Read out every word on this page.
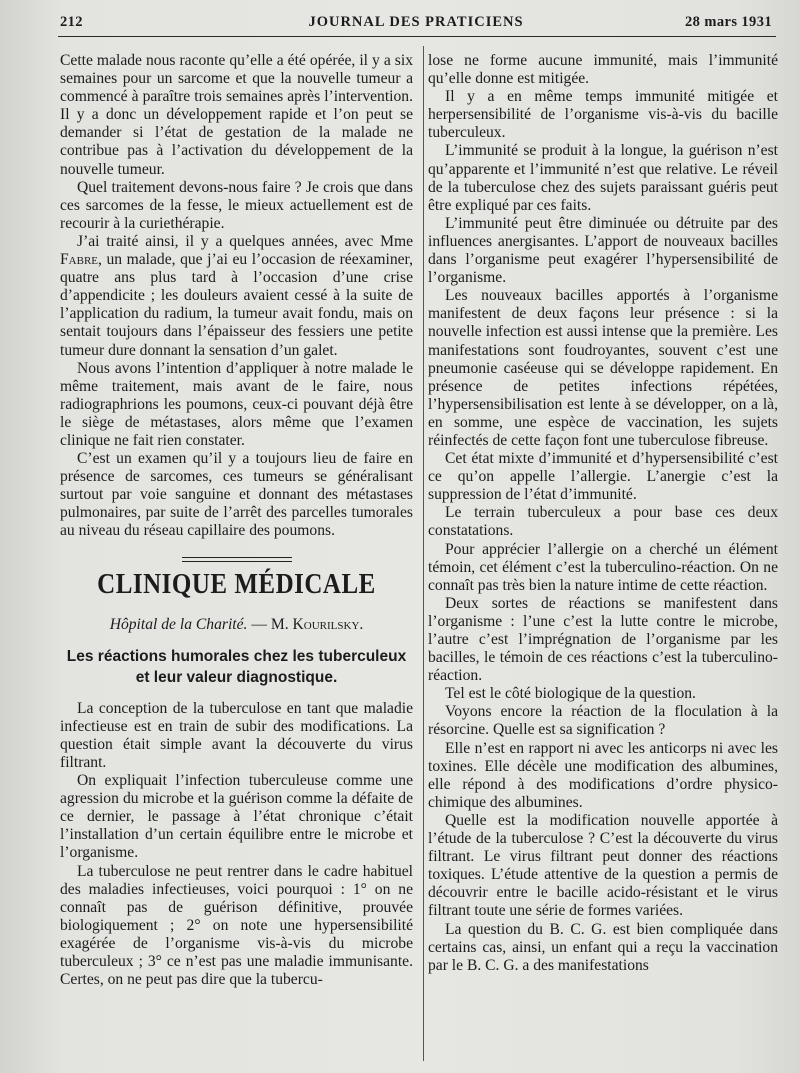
212	JOURNAL DES PRATICIENS	28 mars 1931

Cette malade nous raconte qu’elle a été opérée, il y a six semaines pour un sarcome et que la nouvelle tumeur a commencé à paraître trois semaines après l’intervention. Il y a donc un développement rapide et l’on peut se demander si l’état de gestation de la malade ne contribue pas à l’activation du développement de la nouvelle tumeur.

Quel traitement devons-nous faire ? Je crois que dans ces sarcomes de la fesse, le mieux actuellement est de recourir à la curiethérapie.

J’ai traité ainsi, il y a quelques années, avec Mme Fabre, un malade, que j’ai eu l’occasion de réexaminer, quatre ans plus tard à l’occasion d’une crise d’appendicite ; les douleurs avaient cessé à la suite de l’application du radium, la tumeur avait fondu, mais on sentait toujours dans l’épaisseur des fessiers une petite tumeur dure donnant la sensation d’un galet.

Nous avons l’intention d’appliquer à notre malade le même traitement, mais avant de le faire, nous radiographrions les poumons, ceux-ci pouvant déjà être le siège de métastases, alors même que l’examen clinique ne fait rien constater.

C’est un examen qu’il y a toujours lieu de faire en présence de sarcomes, ces tumeurs se généralisant surtout par voie sanguine et donnant des métastases pulmonaires, par suite de l’arrêt des parcelles tumorales au niveau du réseau capillaire des poumons.

CLINIQUE MÉDICALE
Hôpital de la Charité. — M. Kourilsky.
Les réactions humorales chez les tuberculeux et leur valeur diagnostique.

La conception de la tuberculose en tant que maladie infectieuse est en train de subir des modifications. La question était simple avant la découverte du virus filtrant.

On expliquait l’infection tuberculeuse comme une agression du microbe et la guérison comme la défaite de ce dernier, le passage à l’état chronique c’était l’installation d’un certain équilibre entre le microbe et l’organisme.

La tuberculose ne peut rentrer dans le cadre habituel des maladies infectieuses, voici pourquoi : 1° on ne connaît pas de guérison définitive, prouvée biologiquement ; 2° on note une hypersensibilité exagérée de l’organisme vis-à-vis du microbe tuberculeux ; 3° ce n’est pas une maladie immunisante. Certes, on ne peut pas dire que la tubercu-

lose ne forme aucune immunité, mais l’immunité qu’elle donne est mitigée.

Il y a en même temps immunité mitigée et herpersensibilité de l’organisme vis-à-vis du bacille tuberculeux.

L’immunité se produit à la longue, la guérison n’est qu’apparente et l’immunité n’est que relative. Le réveil de la tuberculose chez des sujets paraissant guéris peut être expliqué par ces faits.

L’immunité peut être diminuée ou détruite par des influences anergisantes. L’apport de nouveaux bacilles dans l’organisme peut exagérer l’hypersensibilité de l’organisme.

Les nouveaux bacilles apportés à l’organisme manifestent de deux façons leur présence : si la nouvelle infection est aussi intense que la première. Les manifestations sont foudroyantes, souvent c’est une pneumonie caséeuse qui se développe rapidement. En présence de petites infections répétées, l’hypersensibilisation est lente à se développer, on a là, en somme, une espèce de vaccination, les sujets réinfectés de cette façon font une tuberculose fibreuse.

Cet état mixte d’immunité et d’hypersensibilité c’est ce qu’on appelle l’allergie. L’anergie c’est la suppression de l’état d’immunité.

Le terrain tuberculeux a pour base ces deux constatations.

Pour apprécier l’allergie on a cherché un élément témoin, cet élément c’est la tuberculino-réaction. On ne connaît pas très bien la nature intime de cette réaction.

Deux sortes de réactions se manifestent dans l’organisme : l’une c’est la lutte contre le microbe, l’autre c’est l’imprégnation de l’organisme par les bacilles, le témoin de ces réactions c’est la tuberculino-réaction.

Tel est le côté biologique de la question.

Voyons encore la réaction de la floculation à la résorcine. Quelle est sa signification ?

Elle n’est en rapport ni avec les anticorps ni avec les toxines. Elle décèle une modification des albumines, elle répond à des modifications d’ordre physico-chimique des albumines.

Quelle est la modification nouvelle apportée à l’étude de la tuberculose ? C’est la découverte du virus filtrant. Le virus filtrant peut donner des réactions toxiques. L’étude attentive de la question a permis de découvrir entre le bacille acido-résistant et le virus filtrant toute une série de formes variées.

La question du B. C. G. est bien compliquée dans certains cas, ainsi, un enfant qui a reçu la vaccination par le B. C. G. a des manifestations
